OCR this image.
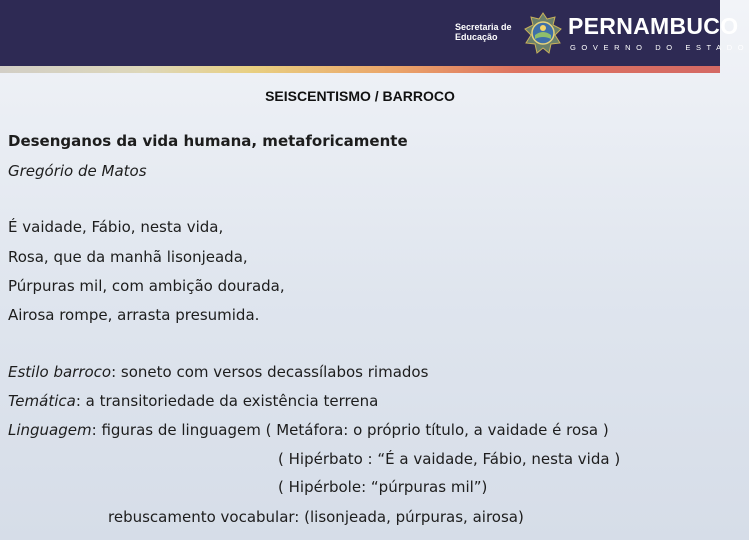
Secretaria de
Educação	PERNAMBUCO
GOVERNO DO ESTADO
SEISCENTISMO / BARROCO
Desenganos da vida humana, metaforicamente
Gregório de Matos
É vaidade, Fábio, nesta vida,
Rosa, que da manhã lisonjeada,
Púrpuras mil, com ambição dourada,
Airosa rompe, arrasta presumida.
Estilo barroco: soneto com versos decassílabos rimados
Temática: a transitoriedade da existência terrena
Linguagem: figuras de linguagem ( Metáfora: o próprio título, a vaidade é rosa )
( Hipérbato : “É a vaidade, Fábio, nesta vida )
( Hipérbole: “púrpuras mil”)
rebuscamento vocabular: (lisonjeada, púrpuras, airosa)
